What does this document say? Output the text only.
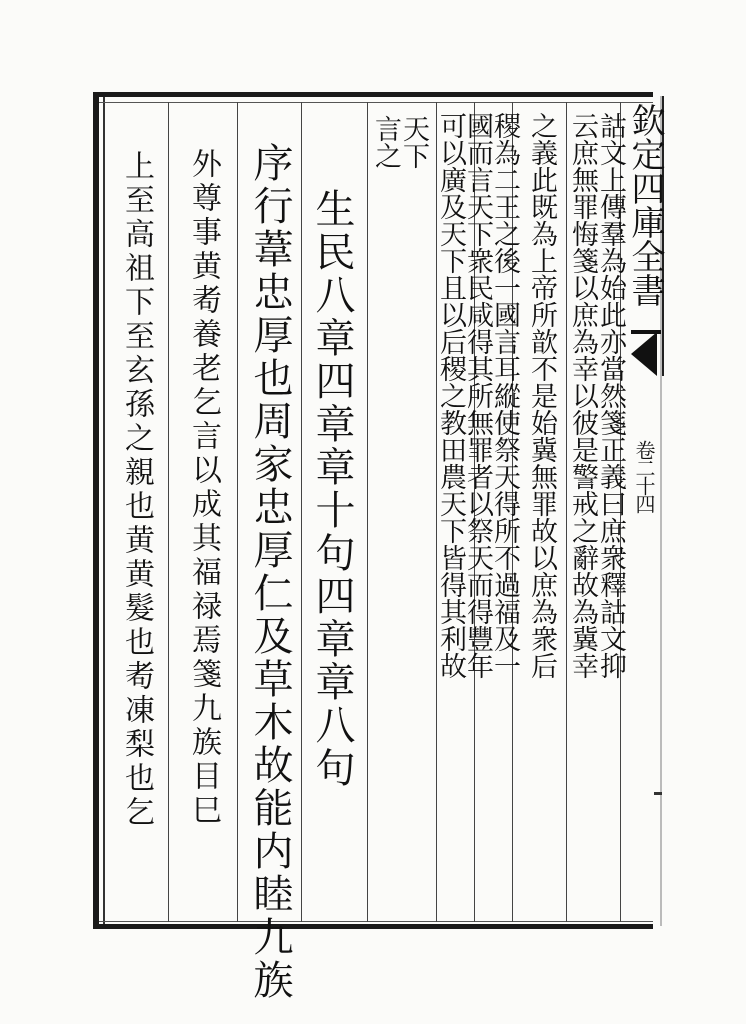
欽定四庫全書
卷二十四
詁文上傳羣為始此亦當然箋正義曰庶衆釋詁文抑
云庶無罪悔箋以庶為幸以彼是警戒之辭故為冀幸
之義此既為上帝所歆不是始冀無罪故以庶為衆后
稷為二王之後一國言耳縱使祭天得所不過福及一
國而言天下衆民咸得其所無罪者以祭天而得豐年
可以廣及天下且以后稷之教田農天下皆得其利故
天下
言之
生民八章四章章十句四章章八句
序行葦忠厚也周家忠厚仁及草木故能内睦九族
外尊事黄耇養老乞言以成其福禄焉箋九族目巳
上至高祖下至玄孫之親也黄黄髮也耇凍梨也乞
